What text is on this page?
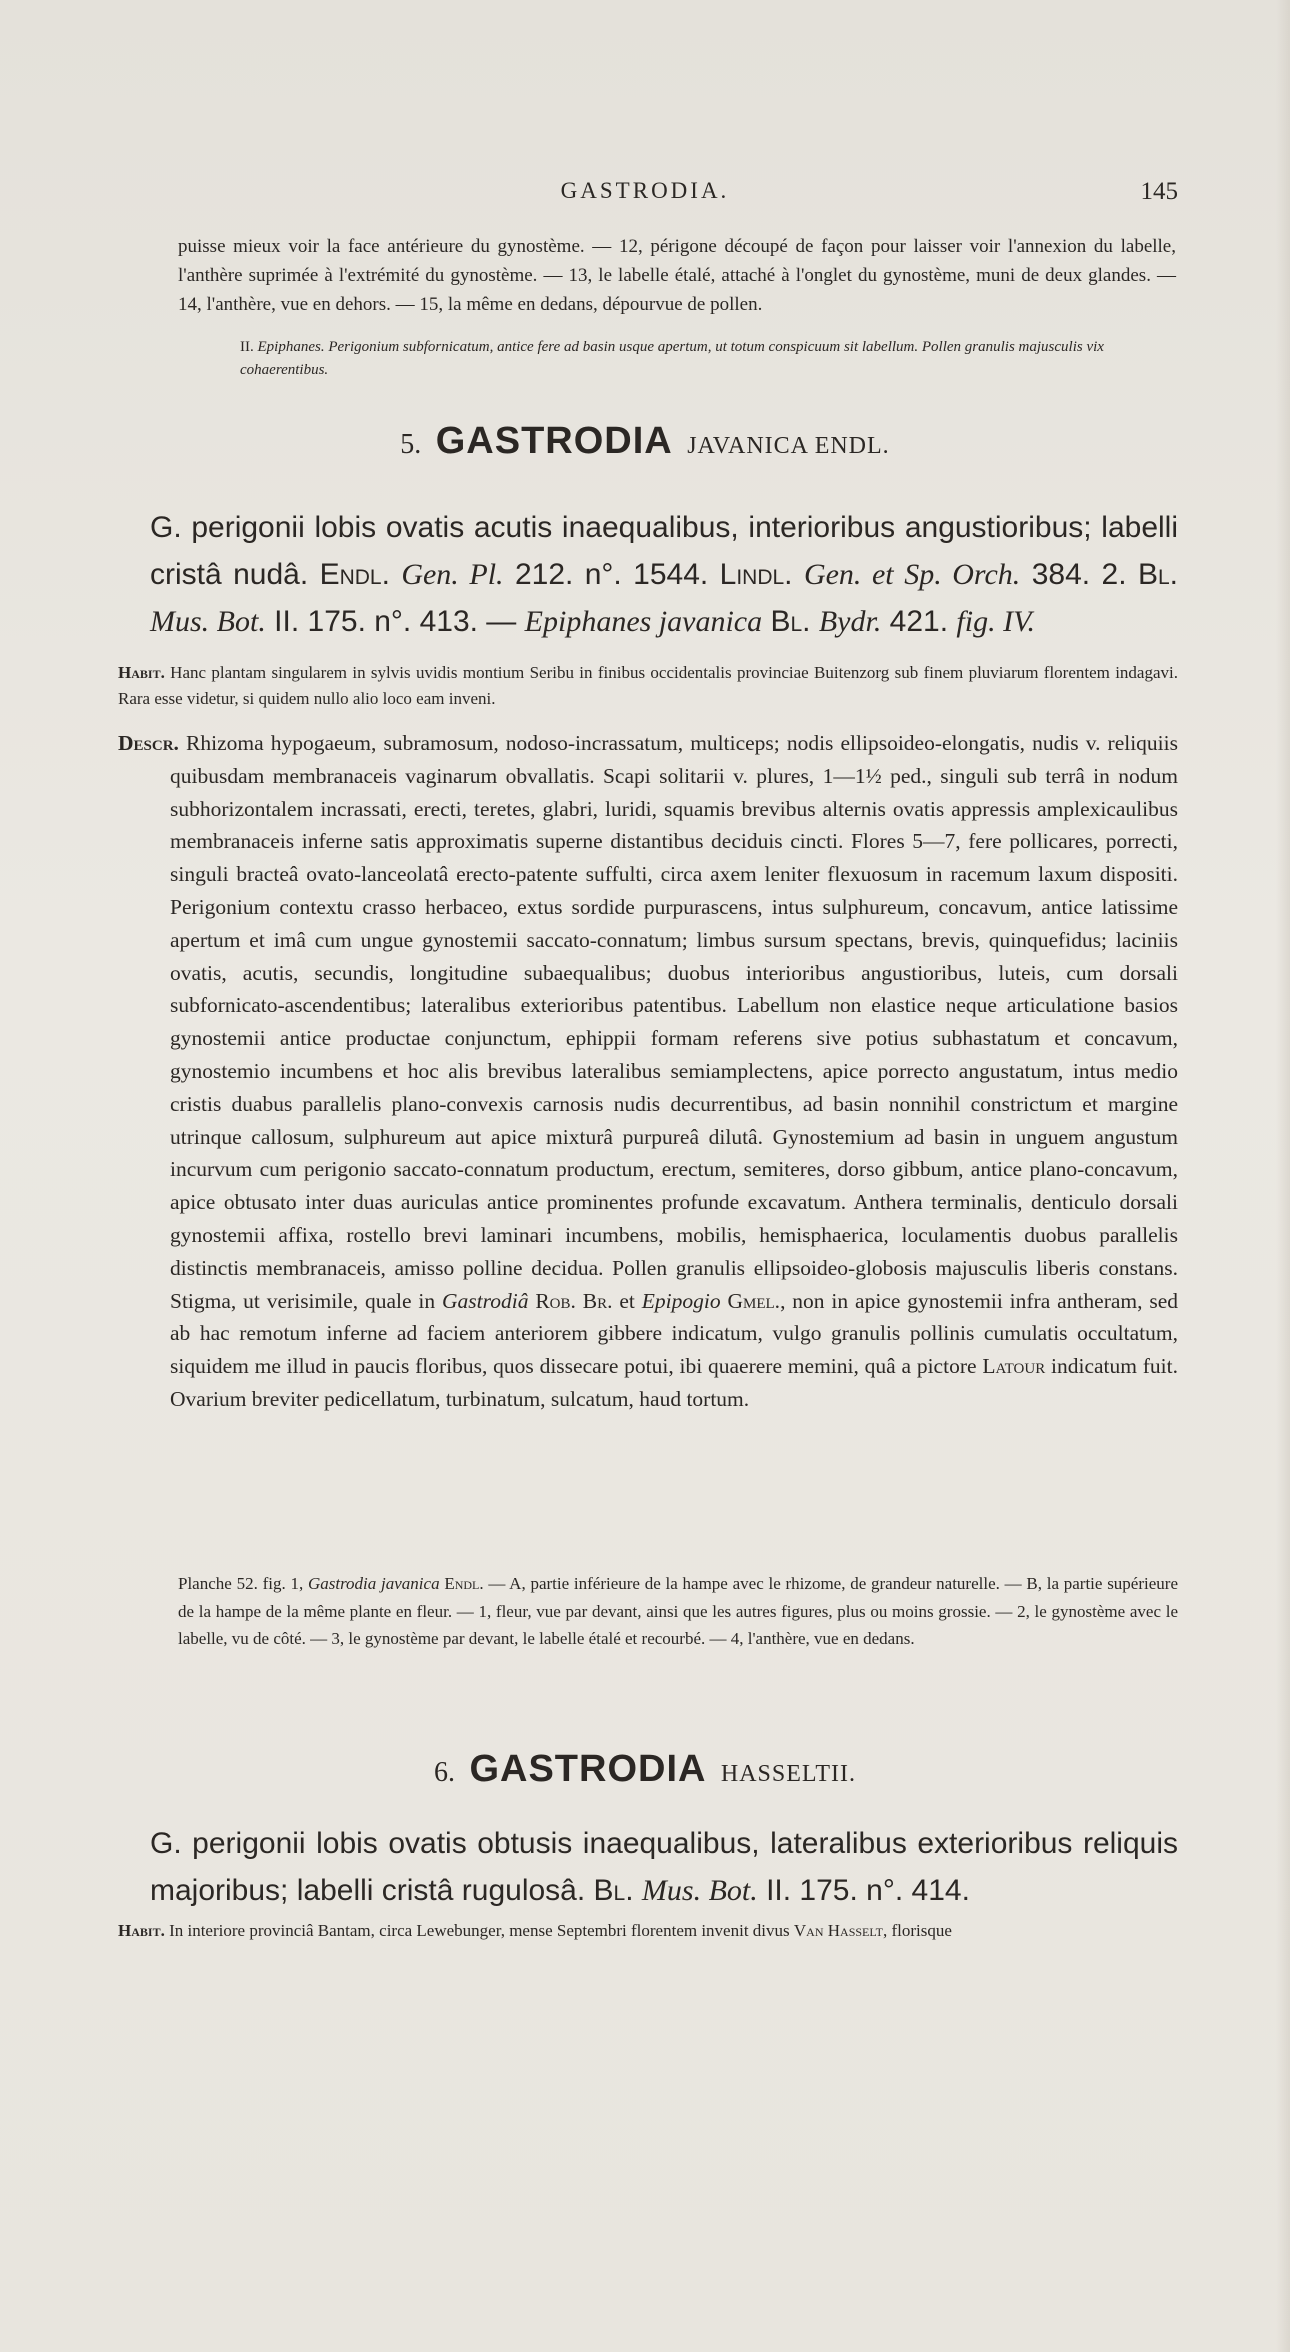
GASTRODIA.	145

puisse mieux voir la face antérieure du gynostème. — 12, périgone découpé de façon pour laisser voir l'annexion du labelle, l'anthère suprimée à l'extrémité du gynostème. — 13, le labelle étalé, attaché à l'onglet du gynostème, muni de deux glandes. — 14, l'anthère, vue en dehors. — 15, la même en dedans, dépourvue de pollen.

II. Epiphanes. Perigonium subfornicatum, antice fere ad basin usque apertum, ut totum conspicuum sit labellum. Pollen granulis majusculis vix cohaerentibus.

5. GASTRODIA JAVANICA ENDL.

G. perigonii lobis ovatis acutis inaequalibus, interioribus angustioribus; labelli cristâ nudâ. Endl. Gen. Pl. 212. n°. 1544. Lindl. Gen. et Sp. Orch. 384. 2. Bl. Mus. Bot. II. 175. n°. 413. — Epiphanes javanica Bl. Bydr. 421. fig. IV.

Habit. Hanc plantam singularem in sylvis uvidis montium Seribu in finibus occidentalis provinciae Buitenzorg sub finem pluviarum florentem indagavi. Rara esse videtur, si quidem nullo alio loco eam inveni.

Descr. Rhizoma hypogaeum, subramosum, nodoso-incrassatum, multiceps; nodis ellipsoideo-elongatis, nudis v. reliquiis quibusdam membranaceis vaginarum obvallatis. Scapi solitarii v. plures, 1—1½ ped., singuli sub terrâ in nodum subhorizontalem incrassati, erecti, teretes, glabri, luridi, squamis brevibus alternis ovatis appressis amplexicaulibus membranaceis inferne satis approximatis superne distantibus deciduis cincti. Flores 5—7, fere pollicares, porrecti, singuli bracteâ ovato-lanceolatâ erecto-patente suffulti, circa axem leniter flexuosum in racemum laxum dispositi. Perigonium contextu crasso herbaceo, extus sordide purpurascens, intus sulphureum, concavum, antice latissime apertum et imâ cum ungue gynostemii saccato-connatum; limbus sursum spectans, brevis, quinquefidus; laciniis ovatis, acutis, secundis, longitudine subaequalibus; duobus interioribus angustioribus, luteis, cum dorsali subfornicato-ascendentibus; lateralibus exterioribus patentibus. Labellum non elastice neque articulatione basios gynostemii antice productae conjunctum, ephippii formam referens sive potius subhastatum et concavum, gynostemio incumbens et hoc alis brevibus lateralibus semiamplectens, apice porrecto angustatum, intus medio cristis duabus parallelis plano-convexis carnosis nudis decurrentibus, ad basin nonnihil constrictum et margine utrinque callosum, sulphureum aut apice mixturâ purpureâ dilutâ. Gynostemium ad basin in unguem angustum incurvum cum perigonio saccato-connatum productum, erectum, semiteres, dorso gibbum, antice plano-concavum, apice obtusato inter duas auriculas antice prominentes profunde excavatum. Anthera terminalis, denticulo dorsali gynostemii affixa, rostello brevi laminari incumbens, mobilis, hemisphaerica, loculamentis duobus parallelis distinctis membranaceis, amisso polline decidua. Pollen granulis ellipsoideo-globosis majusculis liberis constans. Stigma, ut verisimile, quale in Gastrodiâ Rob. Br. et Epipogio Gmel., non in apice gynostemii infra antheram, sed ab hac remotum inferne ad faciem anteriorem gibbere indicatum, vulgo granulis pollinis cumulatis occultatum, siquidem me illud in paucis floribus, quos dissecare potui, ibi quaerere memini, quâ a pictore Latour indicatum fuit. Ovarium breviter pedicellatum, turbinatum, sulcatum, haud tortum.

Planche 52. fig. 1, Gastrodia javanica Endl. — A, partie inférieure de la hampe avec le rhizome, de grandeur naturelle. — B, la partie supérieure de la hampe de la même plante en fleur. — 1, fleur, vue par devant, ainsi que les autres figures, plus ou moins grossie. — 2, le gynostème avec le labelle, vu de côté. — 3, le gynostème par devant, le labelle étalé et recourbé. — 4, l'anthère, vue en dedans.

6. GASTRODIA HASSELTII.

G. perigonii lobis ovatis obtusis inaequalibus, lateralibus exterioribus reliquis majoribus; labelli cristâ rugulosâ. Bl. Mus. Bot. II. 175. n°. 414.

Habit. In interiore provinciâ Bantam, circa Lewebunger, mense Septembri florentem invenit divus Van Hasselt, florisque
